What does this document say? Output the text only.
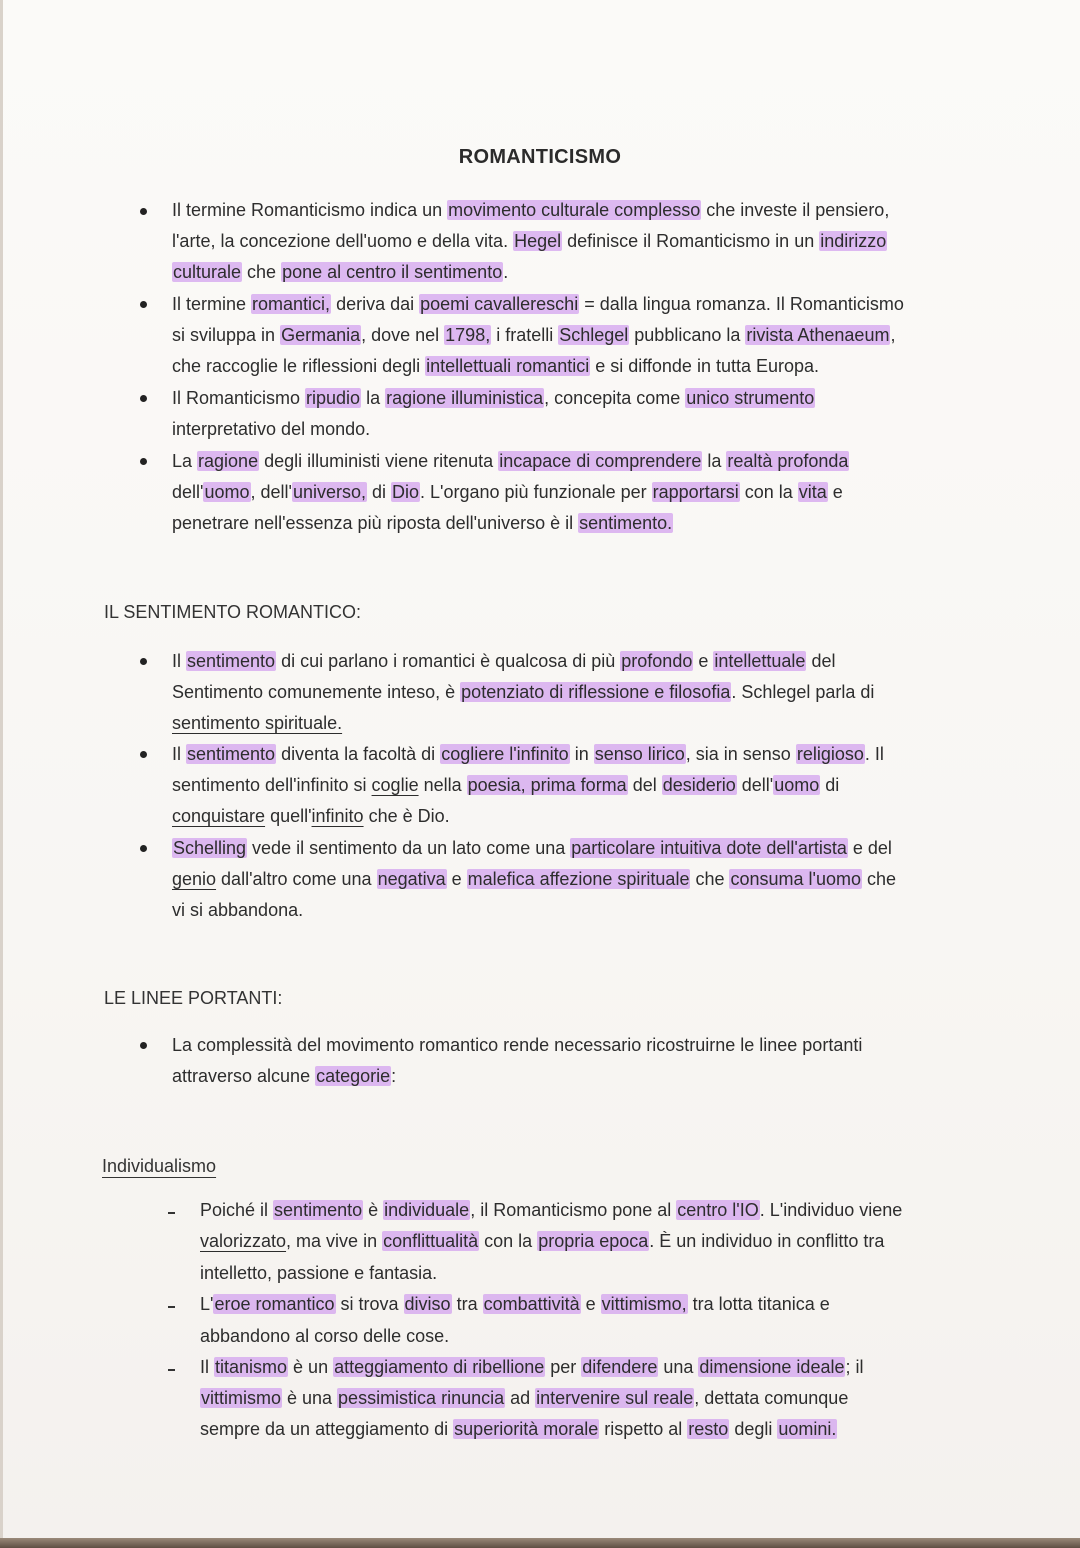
ROMANTICISMO
Il termine Romanticismo indica un movimento culturale complesso che investe il pensiero,
l'arte, la concezione dell'uomo e della vita. Hegel definisce il Romanticismo in un indirizzo
culturale che pone al centro il sentimento.
Il termine romantici, deriva dai poemi cavallereschi = dalla lingua romanza. Il Romanticismo
si sviluppa in Germania, dove nel 1798, i fratelli Schlegel pubblicano la rivista Athenaeum,
che raccoglie le riflessioni degli intellettuali romantici e si diffonde in tutta Europa.
Il Romanticismo ripudio la ragione illuministica, concepita come unico strumento
interpretativo del mondo.
La ragione degli illuministi viene ritenuta incapace di comprendere la realtà profonda
dell'uomo, dell'universo, di Dio. L'organo più funzionale per rapportarsi con la vita e
penetrare nell'essenza più riposta dell'universo è il sentimento.
IL SENTIMENTO ROMANTICO:
Il sentimento di cui parlano i romantici è qualcosa di più profondo e intellettuale del
Sentimento comunemente inteso, è potenziato di riflessione e filosofia. Schlegel parla di
sentimento spirituale.
Il sentimento diventa la facoltà di cogliere l'infinito in senso lirico, sia in senso religioso. Il
sentimento dell'infinito si coglie nella poesia, prima forma del desiderio dell'uomo di
conquistare quell'infinito che è Dio.
Schelling vede il sentimento da un lato come una particolare intuitiva dote dell'artista e del
genio dall'altro come una negativa e malefica affezione spirituale che consuma l'uomo che
vi si abbandona.
LE LINEE PORTANTI:
La complessità del movimento romantico rende necessario ricostruirne le linee portanti
attraverso alcune categorie:
Individualismo
Poiché il sentimento è individuale, il Romanticismo pone al centro l'IO. L'individuo viene
valorizzato, ma vive in conflittualità con la propria epoca. È un individuo in conflitto tra
intelletto, passione e fantasia.
L'eroe romantico si trova diviso tra combattività e vittimismo, tra lotta titanica e
abbandono al corso delle cose.
Il titanismo è un atteggiamento di ribellione per difendere una dimensione ideale; il
vittimismo è una pessimistica rinuncia ad intervenire sul reale, dettata comunque
sempre da un atteggiamento di superiorità morale rispetto al resto degli uomini.
